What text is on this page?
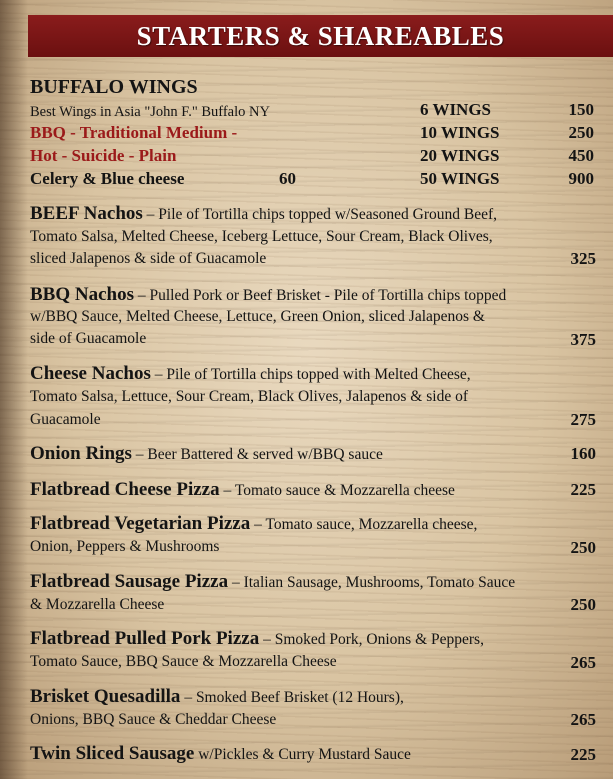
STARTERS & SHAREABLES
BUFFALO WINGS
Best Wings in Asia "John F." Buffalo NY
BBQ - Traditional Medium -
Hot - Suicide - Plain
Celery & Blue cheese	60
6 WINGS	150
10 WINGS	250
20 WINGS	450
50 WINGS	900
BEEF Nachos – Pile of Tortilla chips topped w/Seasoned Ground Beef,
Tomato Salsa, Melted Cheese, Iceberg Lettuce, Sour Cream, Black Olives,
sliced Jalapenos & side of Guacamole	325
BBQ Nachos – Pulled Pork or Beef Brisket - Pile of Tortilla chips topped
w/BBQ Sauce, Melted Cheese, Lettuce, Green Onion, sliced Jalapenos &
side of Guacamole	375
Cheese Nachos – Pile of Tortilla chips topped with Melted Cheese,
Tomato Salsa, Lettuce, Sour Cream, Black Olives, Jalapenos & side of
Guacamole	275
Onion Rings – Beer Battered & served w/BBQ sauce	160
Flatbread Cheese Pizza – Tomato sauce & Mozzarella cheese	225
Flatbread Vegetarian Pizza – Tomato sauce, Mozzarella cheese,
Onion, Peppers & Mushrooms	250
Flatbread Sausage Pizza – Italian Sausage, Mushrooms, Tomato Sauce
& Mozzarella Cheese	250
Flatbread Pulled Pork Pizza – Smoked Pork, Onions & Peppers,
Tomato Sauce, BBQ Sauce & Mozzarella Cheese	265
Brisket Quesadilla – Smoked Beef Brisket (12 Hours),
Onions, BBQ Sauce & Cheddar Cheese	265
Twin Sliced Sausage w/Pickles & Curry Mustard Sauce	225
